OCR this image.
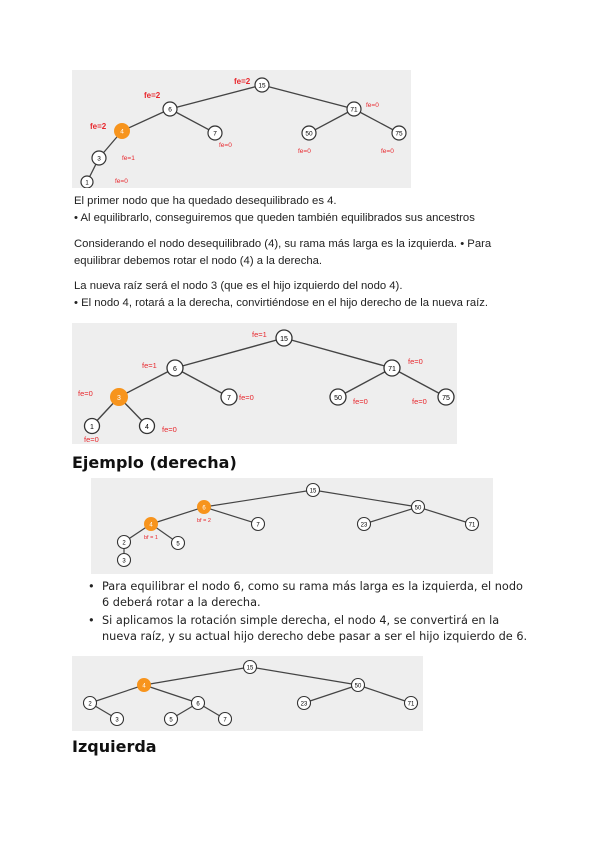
15
6	71
4	7	50	75
3
1
fe=2
fe=2
fe=2
fe=0
fe=0
fe=0	fe=0
fe=1
fe=0

El primer nodo que ha quedado desequilibrado es 4.
• Al equilibrarlo, conseguiremos que queden también equilibrados sus ancestros

Considerando el nodo desequilibrado (4), su rama más larga es la izquierda. • Para
equilibrar debemos rotar el nodo (4) a la derecha.

La nueva raíz será el nodo 3 (que es el hijo izquierdo del nodo 4).
• El nodo 4, rotará a la derecha, convirtiéndose en el hijo derecho de la nueva raíz.

15
6	71
3	7	50	75
1	4
fe=1
fe=1	fe=0
fe=0	fe=0	fe=0	fe=0
fe=0
fe=0
Ejemplo (derecha)
15
6	50
4	7	23	71
2	5
3
bf = 2
bf = 1
• Para equilibrar el nodo 6, como su rama más larga es la izquierda, el nodo 6 deberá rotar a la derecha.
• Si aplicamos la rotación simple derecha, el nodo 4, se convertirá en la nueva raíz, y su actual hijo derecho debe pasar a ser el hijo izquierdo de 6.
15
4	50
2	6	23	71
3	5	7
Izquierda
